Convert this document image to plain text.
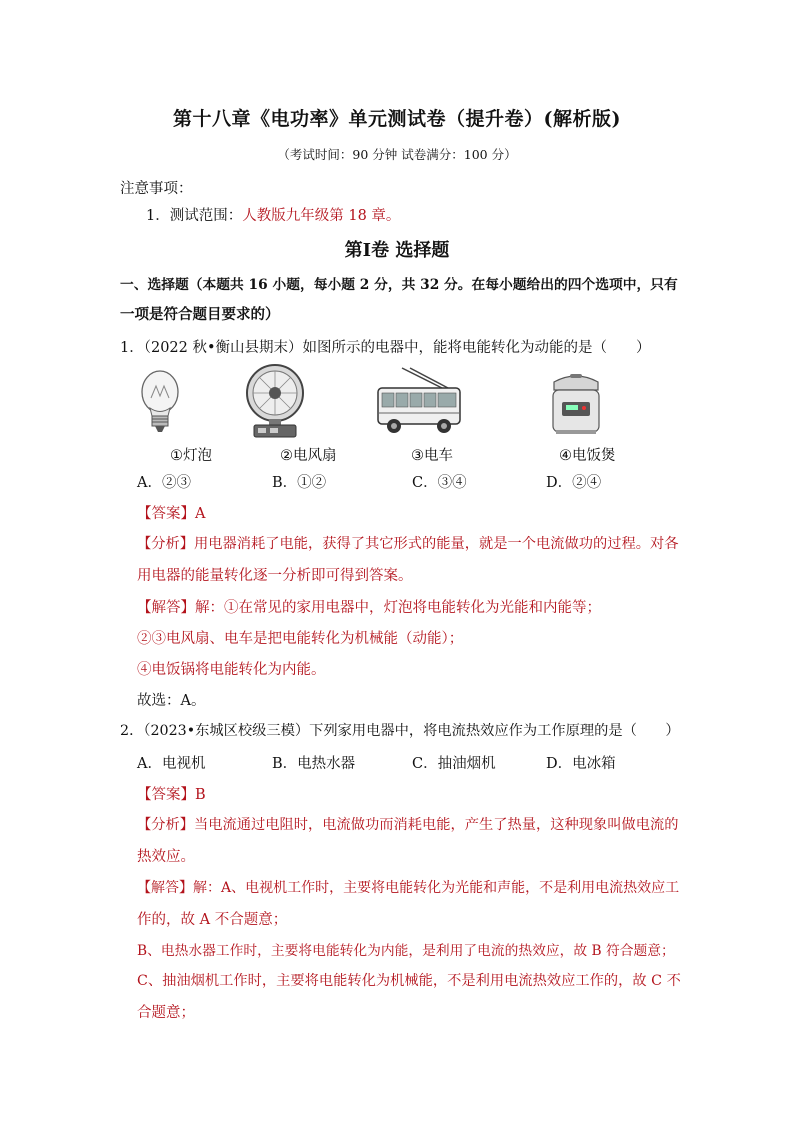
第十八章《电功率》单元测试卷（提升卷）(解析版)
（考试时间：90 分钟 试卷满分：100 分）
注意事项：
1．测试范围：人教版九年级第 18 章。
第Ⅰ卷 选择题
一、选择题（本题共 16 小题，每小题 2 分，共 32 分。在每小题给出的四个选项中，只有
一项是符合题目要求的）
1．（2022 秋•衡山县期末）如图所示的电器中，能将电能转化为动能的是（　　）
①灯泡	②电风扇	③电车	④电饭煲
A．②③	B．①②	C．③④	D．②④
【答案】A
【分析】用电器消耗了电能，获得了其它形式的能量，就是一个电流做功的过程。对各
用电器的能量转化逐一分析即可得到答案。
【解答】解：①在常见的家用电器中，灯泡将电能转化为光能和内能等；
②③电风扇、电车是把电能转化为机械能（动能）；
④电饭锅将电能转化为内能。
故选：A。
2．（2023•东城区校级三模）下列家用电器中，将电流热效应作为工作原理的是（　　）
A．电视机	B．电热水器	C．抽油烟机	D．电冰箱
【答案】B
【分析】当电流通过电阻时，电流做功而消耗电能，产生了热量，这种现象叫做电流的
热效应。
【解答】解：A、电视机工作时，主要将电能转化为光能和声能，不是利用电流热效应工
作的，故 A 不合题意；
B、电热水器工作时，主要将电能转化为内能，是利用了电流的热效应，故 B 符合题意；
C、抽油烟机工作时，主要将电能转化为机械能，不是利用电流热效应工作的，故 C 不
合题意；
